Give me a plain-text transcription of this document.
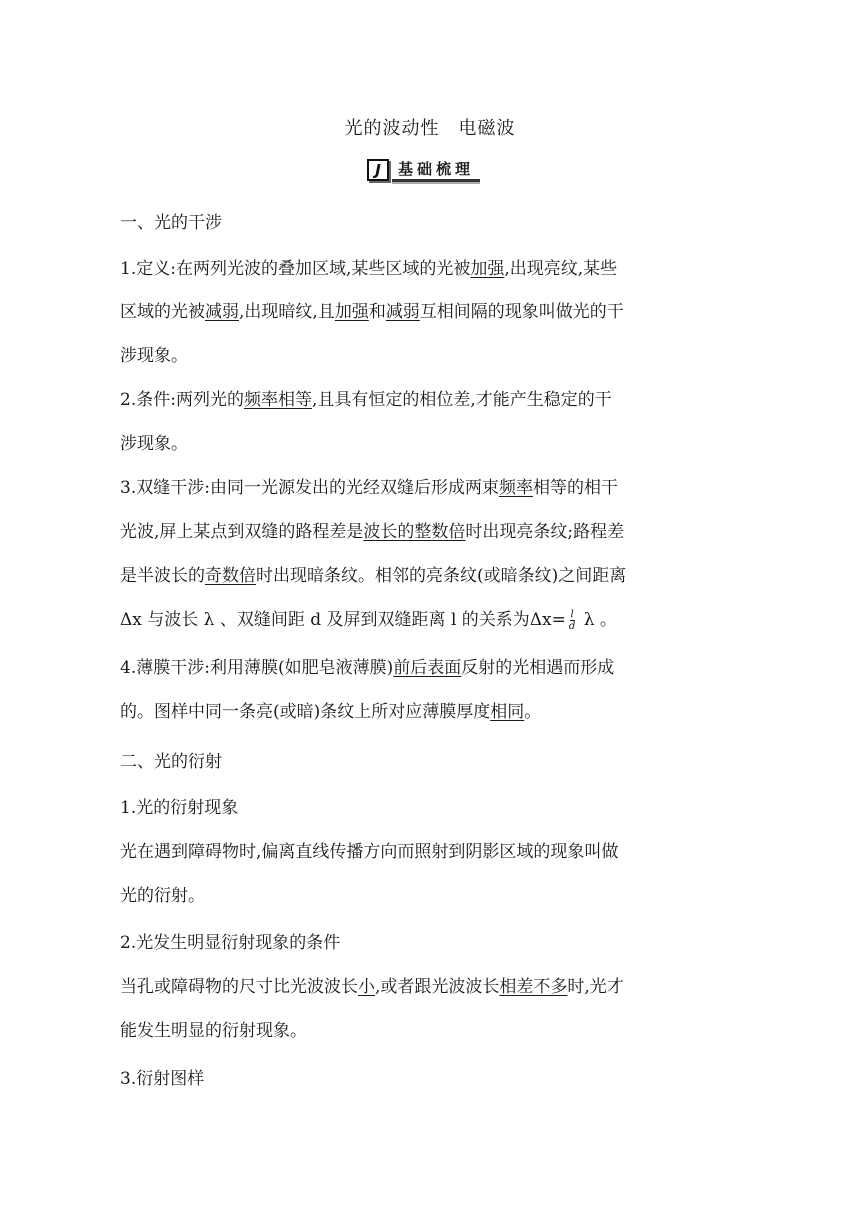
光的波动性　电磁波
J	基础梳理
一、光的干涉
1.定义:在两列光波的叠加区域,某些区域的光被加强,出现亮纹,某些
区域的光被减弱,出现暗纹,且加强和减弱互相间隔的现象叫做光的干
涉现象。
2.条件:两列光的频率相等,且具有恒定的相位差,才能产生稳定的干
涉现象。
3.双缝干涉:由同一光源发出的光经双缝后形成两束频率相等的相干
光波,屏上某点到双缝的路程差是波长的整数倍时出现亮条纹;路程差
是半波长的奇数倍时出现暗条纹。相邻的亮条纹(或暗条纹)之间距离
Δx 与波长 λ 、双缝间距 d 及屏到双缝距离 l 的关系为$\Delta x= \frac{l}{d}$ λ 。
4.薄膜干涉:利用薄膜(如肥皂液薄膜)前后表面反射的光相遇而形成
的。图样中同一条亮(或暗)条纹上所对应薄膜厚度相同。
二、光的衍射
1.光的衍射现象
光在遇到障碍物时,偏离直线传播方向而照射到阴影区域的现象叫做
光的衍射。
2.光发生明显衍射现象的条件
当孔或障碍物的尺寸比光波波长小,或者跟光波波长相差不多时,光才
能发生明显的衍射现象。
3.衍射图样
